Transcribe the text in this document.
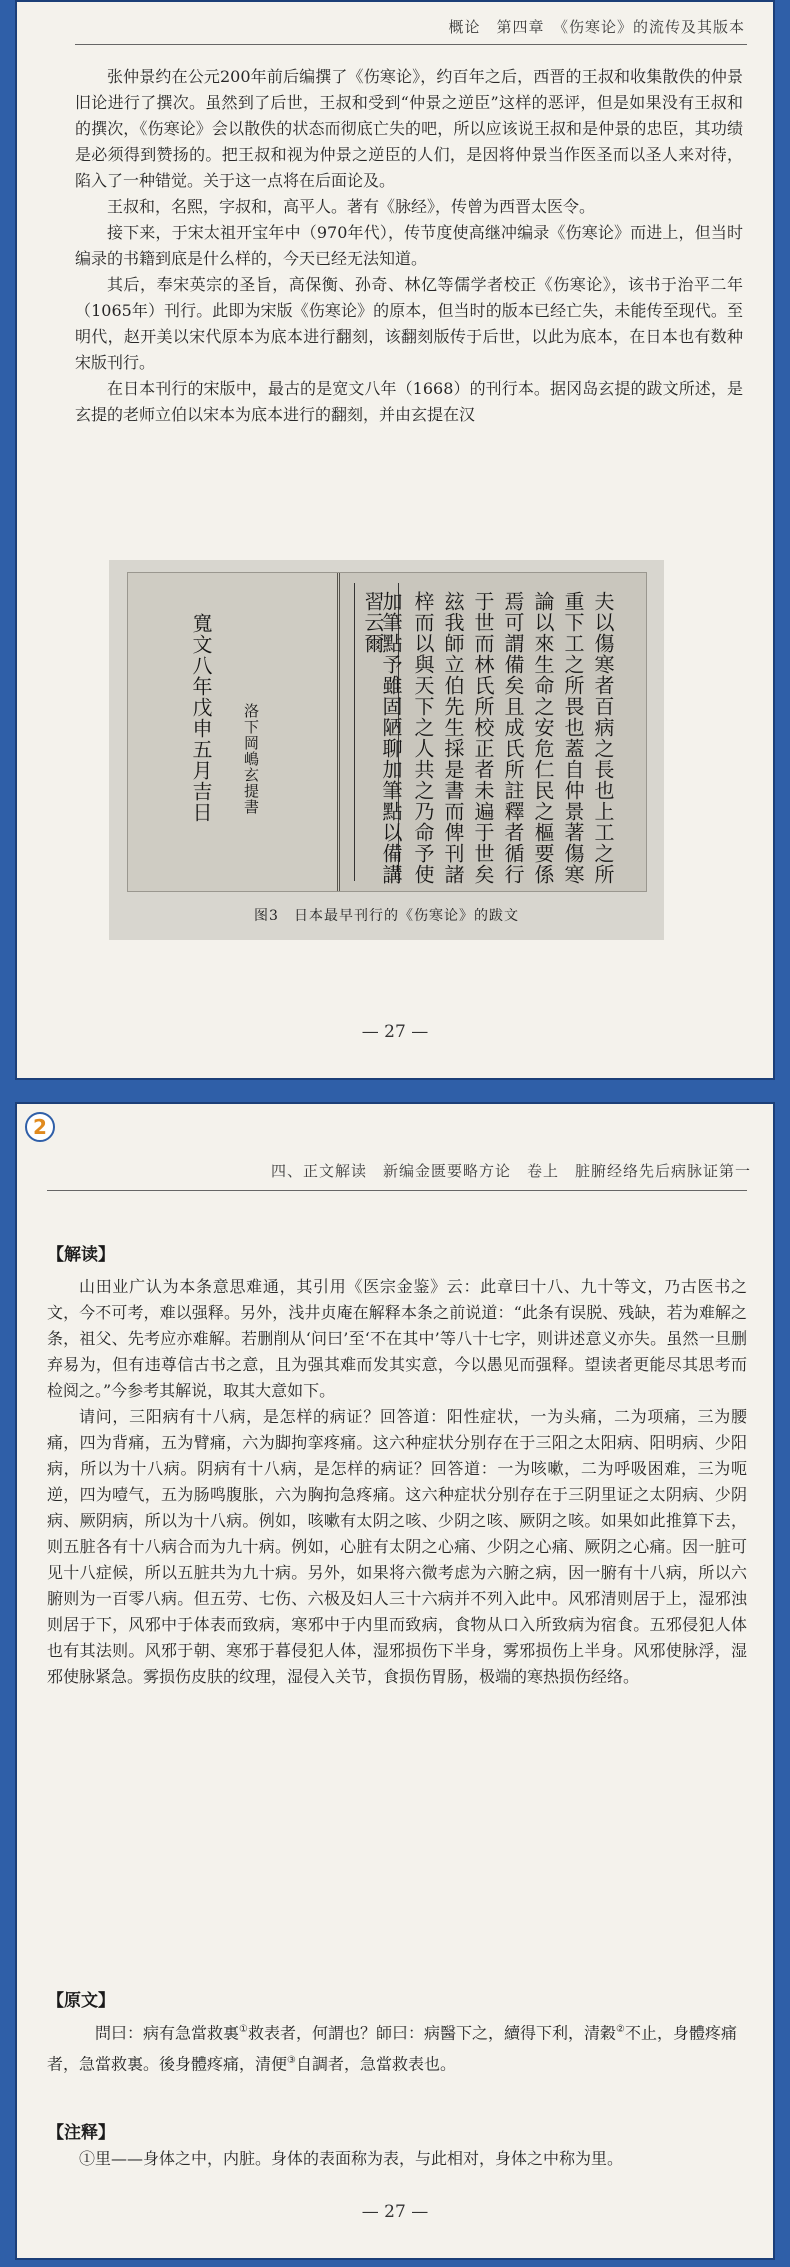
概论　第四章　《伤寒论》的流传及其版本

张仲景约在公元200年前后编撰了《伤寒论》，约百年之后，西晋的王叔和收集散佚的仲景旧论进行了撰次。虽然到了后世，王叔和受到“仲景之逆臣”这样的恶评，但是如果没有王叔和的撰次，《伤寒论》会以散佚的状态而彻底亡失的吧，所以应该说王叔和是仲景的忠臣，其功绩是必须得到赞扬的。把王叔和视为仲景之逆臣的人们，是因将仲景当作医圣而以圣人来对待，陷入了一种错觉。关于这一点将在后面论及。

王叔和，名熙，字叔和，高平人。著有《脉经》，传曾为西晋太医令。

接下来，于宋太祖开宝年中（970年代），传节度使高继冲编录《伤寒论》而进上，但当时编录的书籍到底是什么样的，今天已经无法知道。

其后，奉宋英宗的圣旨，高保衡、孙奇、林亿等儒学者校正《伤寒论》，该书于治平二年（1065年）刊行。此即为宋版《伤寒论》的原本，但当时的版本已经亡失，未能传至现代。至明代，赵开美以宋代原本为底本进行翻刻，该翻刻版传于后世，以此为底本，在日本也有数种宋版刊行。

在日本刊行的宋版中，最古的是宽文八年（1668）的刊行本。据冈岛玄提的跋文所述，是玄提的老师立伯以宋本为底本进行的翻刻，并由玄提在汉

寬文八年戊申五月吉日 洛下岡嶋玄提書
習云爾
加筆點予雖固陋聊加筆點以備講 梓而以與天下之人共之乃命予使 玆我師立伯先生採是書而俾刊諸 于世而林氏所校正者未遍于世矣 焉可謂備矣且成氏所註釋者循行 論以來生命之安危仁民之樞要係 重下工之所畏也蓋自仲景著傷寒 夫以傷寒者百病之長也上工之所
图3　日本最早刊行的《伤寒论》的跋文
— 27 —
2
四、正文解读　新编金匮要略方论　卷上　脏腑经络先后病脉证第一
【解读】

山田业广认为本条意思难通，其引用《医宗金鉴》云：此章曰十八、九十等文，乃古医书之文，今不可考，难以强释。另外，浅井贞庵在解释本条之前说道：“此条有误脱、残缺，若为难解之条，祖父、先考应亦难解。若删削从‘问曰’至‘不在其中’等八十七字，则讲述意义亦失。虽然一旦删弃易为，但有违尊信古书之意，且为强其难而发其实意，今以愚见而强释。望读者更能尽其思考而检阅之。”今参考其解说，取其大意如下。

请问，三阳病有十八病，是怎样的病证？回答道：阳性症状，一为头痛，二为项痛，三为腰痛，四为背痛，五为臂痛，六为脚拘挛疼痛。这六种症状分别存在于三阳之太阳病、阳明病、少阳病，所以为十八病。阴病有十八病，是怎样的病证？回答道：一为咳嗽，二为呼吸困难，三为呃逆，四为噎气，五为肠鸣腹胀，六为胸拘急疼痛。这六种症状分别存在于三阴里证之太阴病、少阴病、厥阴病，所以为十八病。例如，咳嗽有太阴之咳、少阴之咳、厥阴之咳。如果如此推算下去，则五脏各有十八病合而为九十病。例如，心脏有太阴之心痛、少阴之心痛、厥阴之心痛。因一脏可见十八症候，所以五脏共为九十病。另外，如果将六微考虑为六腑之病，因一腑有十八病，所以六腑则为一百零八病。但五劳、七伤、六极及妇人三十六病并不列入此中。风邪清则居于上，湿邪浊则居于下，风邪中于体表而致病，寒邪中于内里而致病，食物从口入所致病为宿食。五邪侵犯人体也有其法则。风邪于朝、寒邪于暮侵犯人体，湿邪损伤下半身，雾邪损伤上半身。风邪使脉浮，湿邪使脉紧急。雾损伤皮肤的纹理，湿侵入关节，食损伤胃肠，极端的寒热损伤经络。

【原文】

問曰：病有急當救裏①救表者，何謂也？師曰：病醫下之，續得下利，清穀②不止，身體疼痛者，急當救裏。後身體疼痛，清便③自調者，急當救表也。

【注释】

①里——身体之中，内脏。身体的表面称为表，与此相对，身体之中称为里。

— 27 —
